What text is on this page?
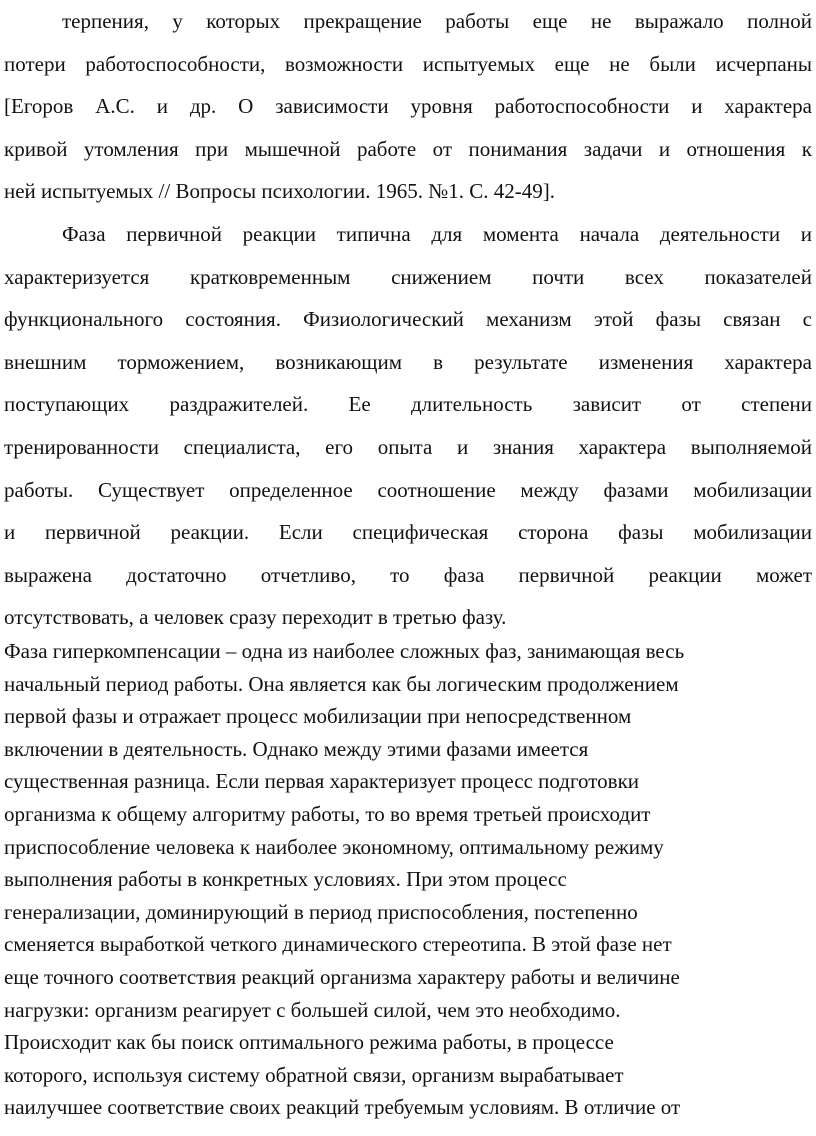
терпения, у которых прекращение работы еще не выражало полной
потери работоспособности, возможности испытуемых еще не были исчерпаны
[Егоров А.С. и др. О зависимости уровня работоспособности и характера
кривой утомления при мышечной работе от понимания задачи и отношения к
ней испытуемых // Вопросы психологии. 1965. №1. С. 42-49].
Фаза первичной реакции типична для момента начала деятельности и
характеризуется кратковременным снижением почти всех показателей
функционального состояния. Физиологический механизм этой фазы связан с
внешним торможением, возникающим в результате изменения характера
поступающих раздражителей. Ее длительность зависит от степени
тренированности специалиста, его опыта и знания характера выполняемой
работы. Существует определенное соотношение между фазами мобилизации
и первичной реакции. Если специфическая сторона фазы мобилизации
выражена достаточно отчетливо, то фаза первичной реакции может
отсутствовать, а человек сразу переходит в третью фазу.
Фаза гиперкомпенсации – одна из наиболее сложных фаз, занимающая весь
начальный период работы. Она является как бы логическим продолжением
первой фазы и отражает процесс мобилизации при непосредственном
включении в деятельность. Однако между этими фазами имеется
существенная разница. Если первая характеризует процесс подготовки
организма к общему алгоритму работы, то во время третьей происходит
приспособление человека к наиболее экономному, оптимальному режиму
выполнения работы в конкретных условиях. При этом процесс
генерализации, доминирующий в период приспособления, постепенно
сменяется выработкой четкого динамического стереотипа. В этой фазе нет
еще точного соответствия реакций организма характеру работы и величине
нагрузки: организм реагирует с большей силой, чем это необходимо.
Происходит как бы поиск оптимального режима работы, в процессе
которого, используя систему обратной связи, организм вырабатывает
наилучшее соответствие своих реакций требуемым условиям. В отличие от
